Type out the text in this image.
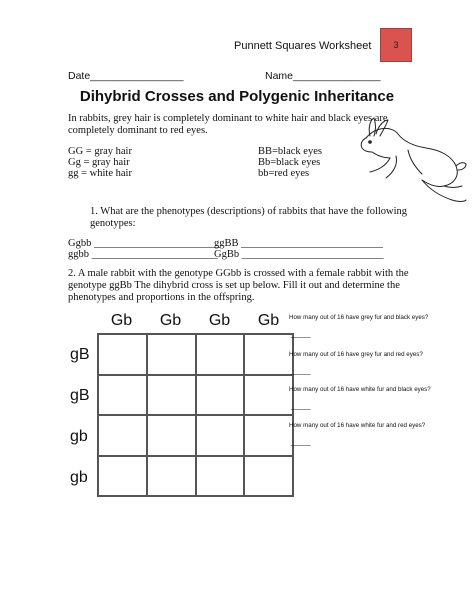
Punnett Squares Worksheet 3
Date________________	Name_______________
Dihybrid Crosses and Polygenic Inheritance
In rabbits, grey hair is completely dominant to white hair and black eyes are
completely dominant to red eyes.
GG = gray hair
Gg = gray hair
gg = white hair
BB=black eyes
Bb=black eyes
bb=red eyes
1. What are the phenotypes (descriptions) of rabbits that have the following
genotypes:
Ggbb ________________________
ggBB ___________________________
ggbb ________________________
GgBb ___________________________
2. A male rabbit with the genotype GGbb is crossed with a female rabbit with the
genotype ggBb The dihybrid cross is set up below. Fill it out and determine the
phenotypes and proportions in the offspring.
Gb	Gb	Gb	Gb
gB
gB
gb
gb
How many out of 16 have grey fur and black eyes?
_____
How many out of 16 have grey fur and red eyes?
_____
How many out of 16 have white fur and black eyes?
_____
How many out of 16 have white fur and red eyes?
_____
